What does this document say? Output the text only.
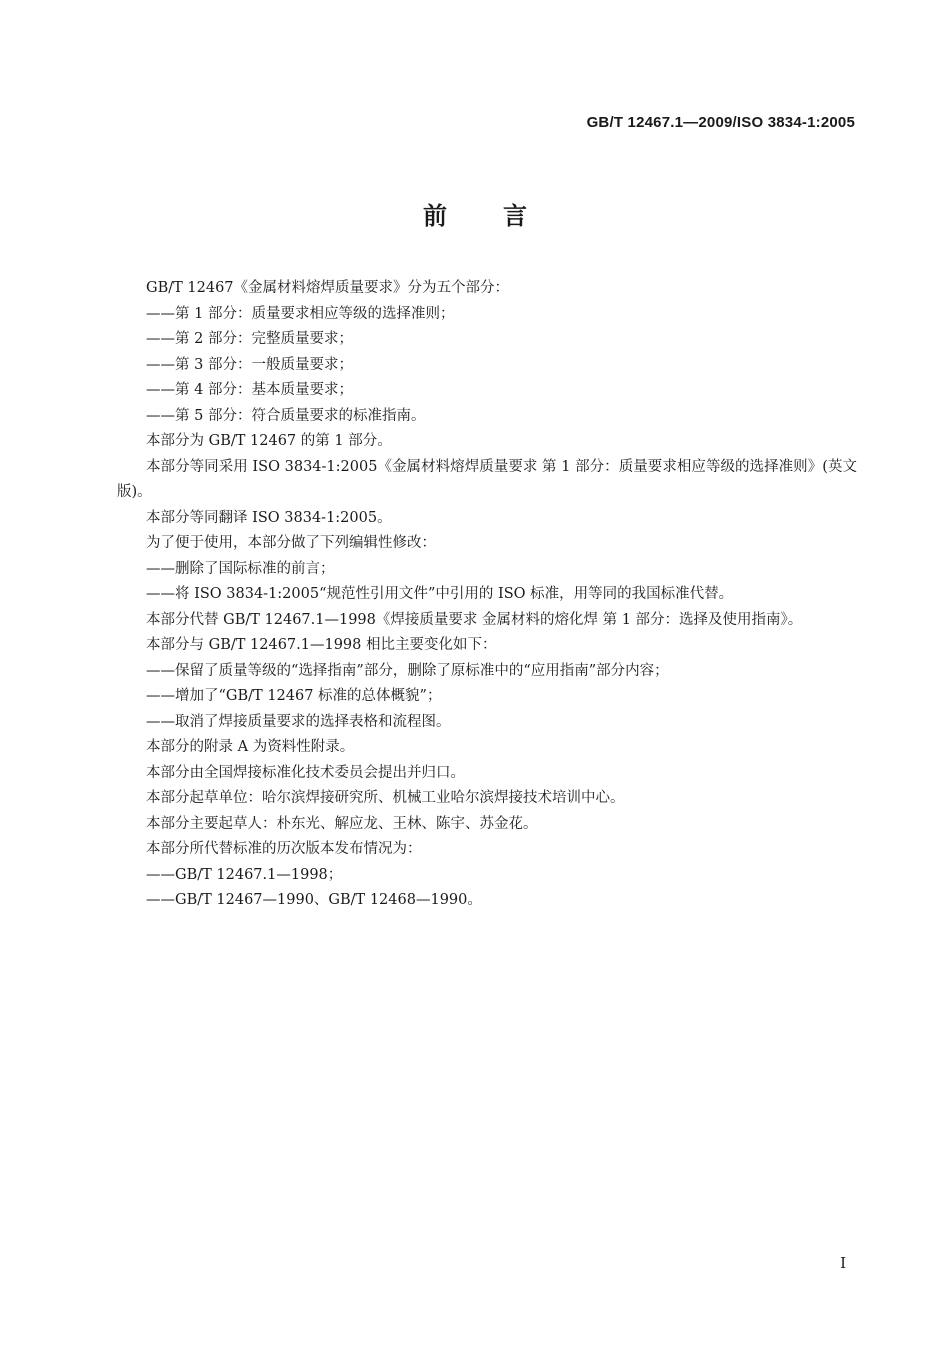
GB/T 12467.1—2009/ISO 3834-1:2005
前言

GB/T 12467《金属材料熔焊质量要求》分为五个部分：

——第 1 部分：质量要求相应等级的选择准则；

——第 2 部分：完整质量要求；

——第 3 部分：一般质量要求；

——第 4 部分：基本质量要求；

——第 5 部分：符合质量要求的标准指南。

本部分为 GB/T 12467 的第 1 部分。

本部分等同采用 ISO 3834-1:2005《金属材料熔焊质量要求 第 1 部分：质量要求相应等级的选择准则》(英文版)。

本部分等同翻译 ISO 3834-1:2005。

为了便于使用，本部分做了下列编辑性修改：

——删除了国际标准的前言；

——将 ISO 3834-1:2005“规范性引用文件”中引用的 ISO 标准，用等同的我国标准代替。

本部分代替 GB/T 12467.1—1998《焊接质量要求 金属材料的熔化焊 第 1 部分：选择及使用指南》。

本部分与 GB/T 12467.1—1998 相比主要变化如下：

——保留了质量等级的“选择指南”部分，删除了原标准中的“应用指南”部分内容；

——增加了“GB/T 12467 标准的总体概貌”；

——取消了焊接质量要求的选择表格和流程图。

本部分的附录 A 为资料性附录。

本部分由全国焊接标准化技术委员会提出并归口。

本部分起草单位：哈尔滨焊接研究所、机械工业哈尔滨焊接技术培训中心。

本部分主要起草人：朴东光、解应龙、王林、陈宇、苏金花。

本部分所代替标准的历次版本发布情况为：

——GB/T 12467.1—1998；

——GB/T 12467—1990、GB/T 12468—1990。

I
